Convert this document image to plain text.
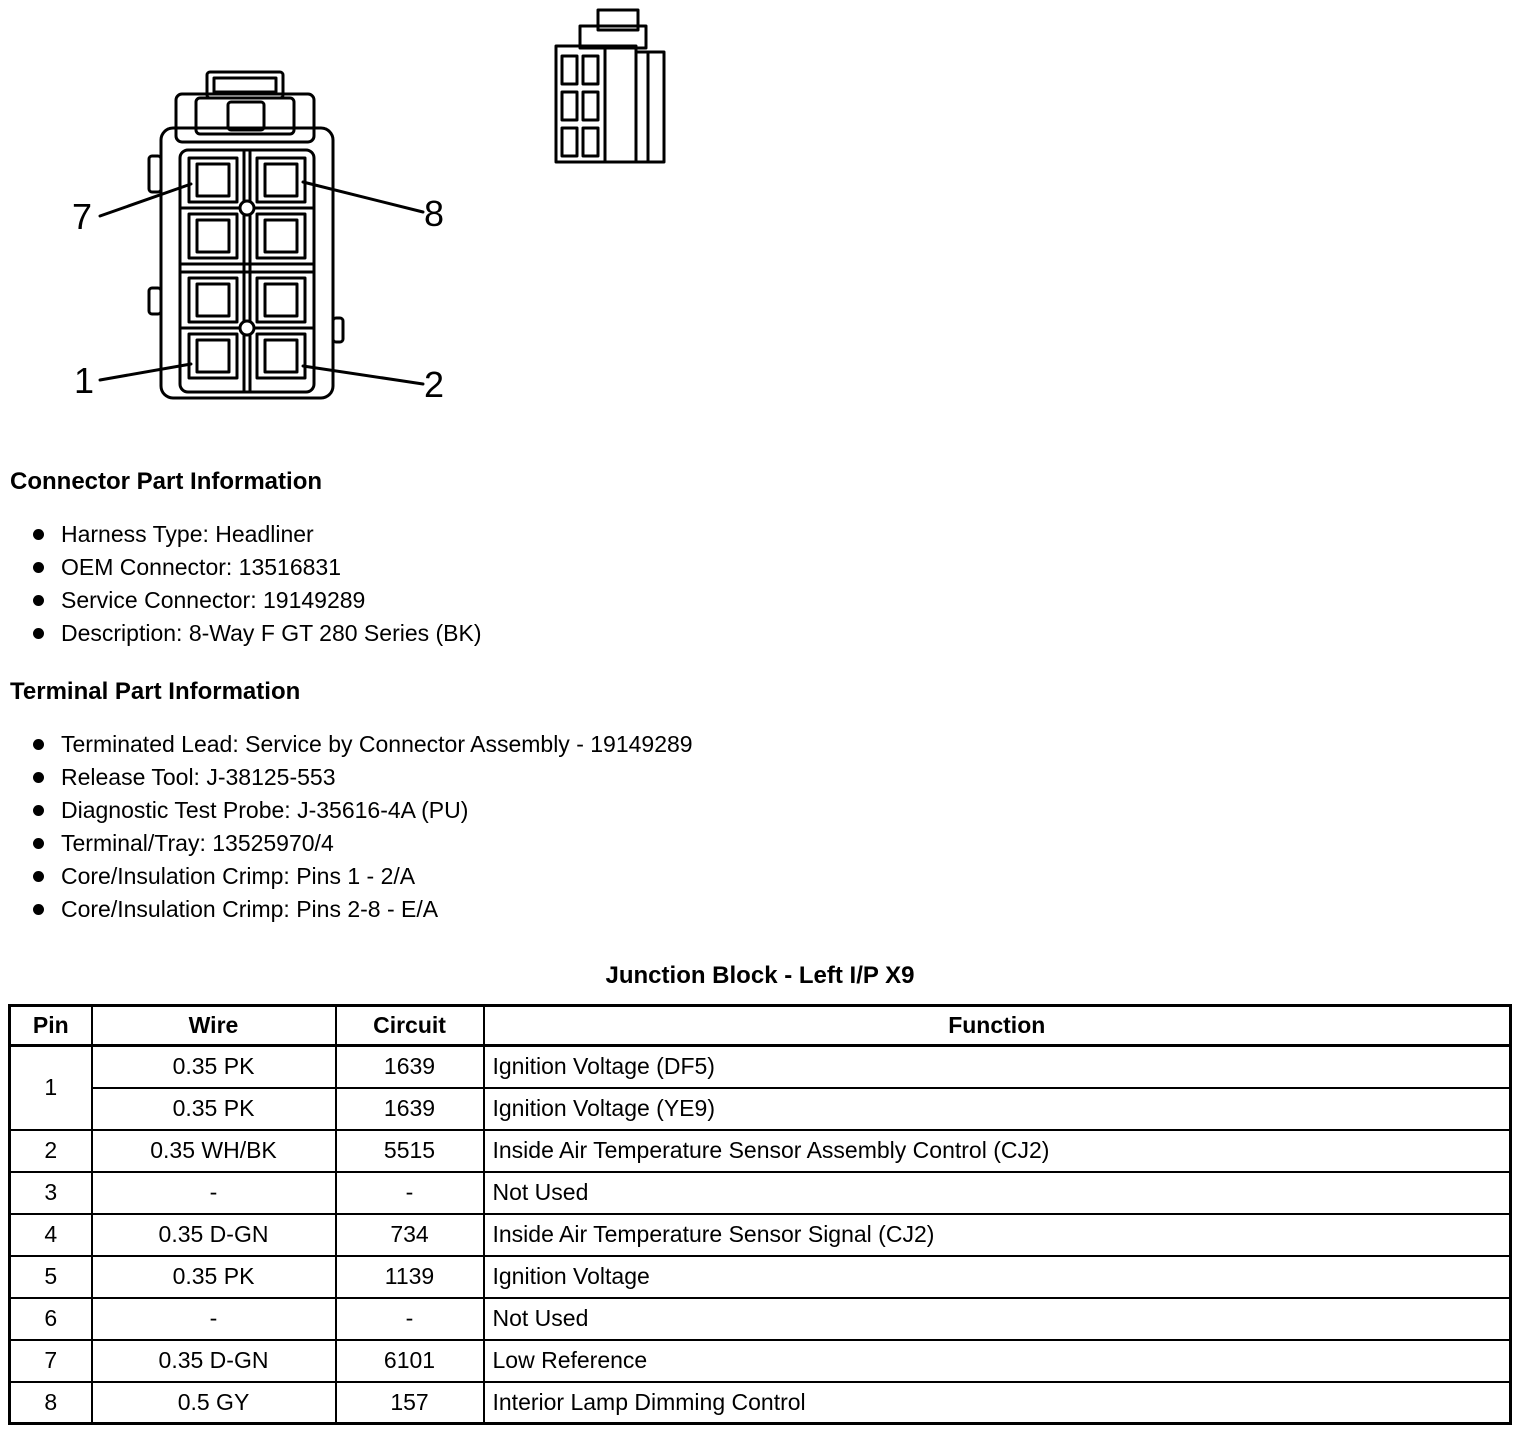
7	8
1	2
Connector Part Information
Harness Type: Headliner
OEM Connector: 13516831
Service Connector: 19149289
Description: 8-Way F GT 280 Series (BK)
Terminal Part Information
Terminated Lead: Service by Connector Assembly - 19149289
Release Tool: J-38125-553
Diagnostic Test Probe: J-35616-4A (PU)
Terminal/Tray: 13525970/4
Core/Insulation Crimp: Pins 1 - 2/A
Core/Insulation Crimp: Pins 2-8 - E/A
Junction Block - Left I/P X9
Pin	Wire	Circuit	Function
1	0.35 PK	1639	Ignition Voltage (DF5)
	0.35 PK	1639	Ignition Voltage (YE9)
2	0.35 WH/BK	5515	Inside Air Temperature Sensor Assembly Control (CJ2)
3	-	-	Not Used
4	0.35 D-GN	734	Inside Air Temperature Sensor Signal (CJ2)
5	0.35 PK	1139	Ignition Voltage
6	-	-	Not Used
7	0.35 D-GN	6101	Low Reference
8	0.5 GY	157	Interior Lamp Dimming Control
